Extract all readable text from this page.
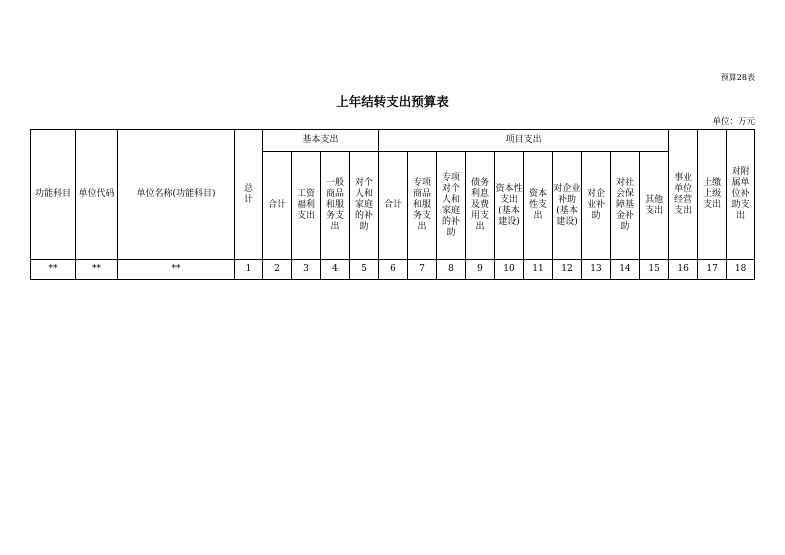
预算28表
上年结转支出预算表
单位：万元
功能科目	单位代码	单位名称(功能科目)	总计	基本支出				项目支出										事业单位经营支出	上缴上级支出	对附属单位补助支出
				合计	工资福利支出	一般商品和服务支出	对个人和家庭的补助	合计	专项商品和服务支出	专项对个人和家庭的补助	债务利息及费用支出	资本性支出(基本建设)	资本性支出	对企业补助(基本建设)	对企业补助	对社会保障基金补助	其他支出			
**	**	**	1	2	3	4	5	6	7	8	9	10	11	12	13	14	15	16	17	18
